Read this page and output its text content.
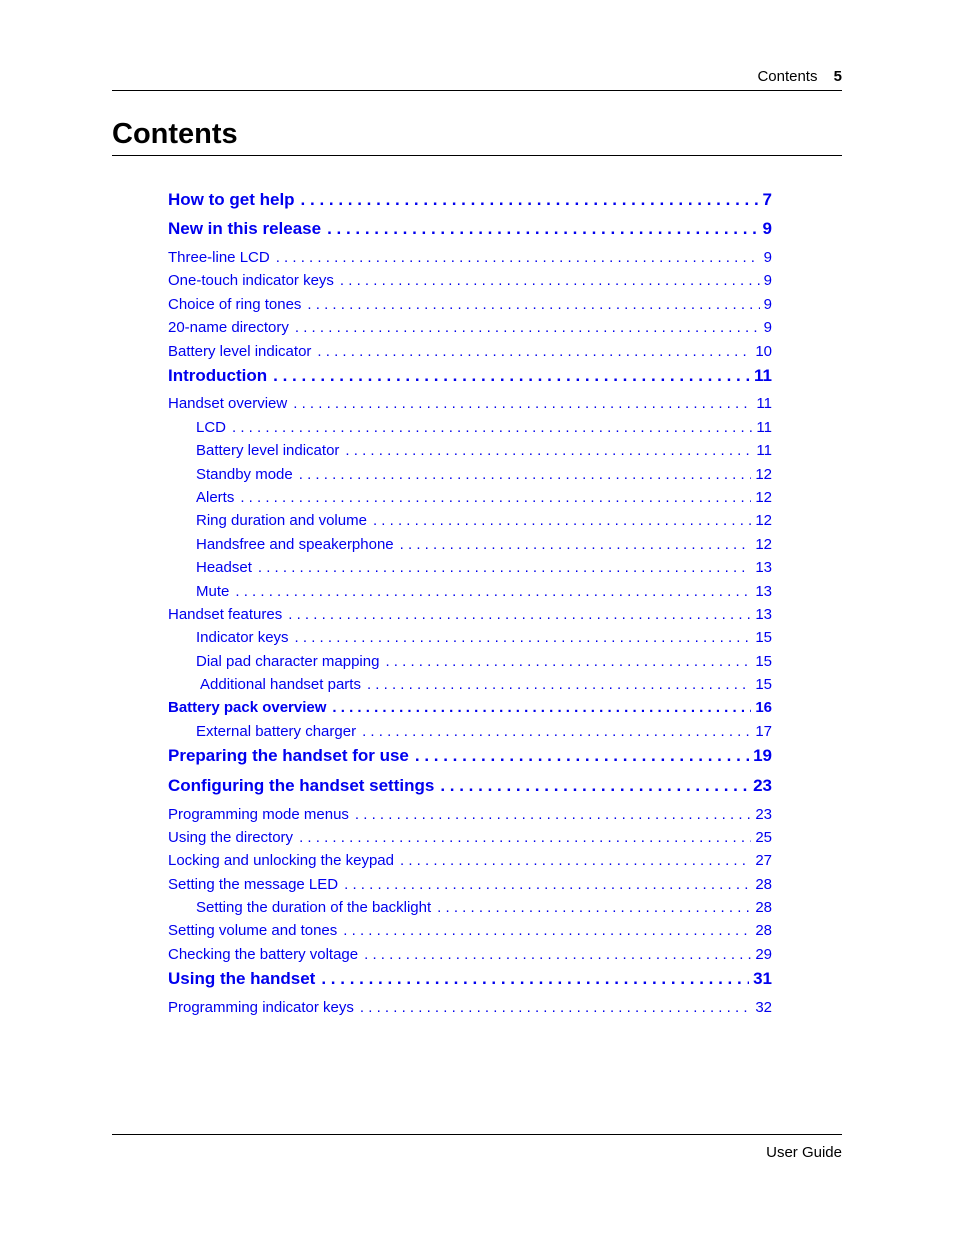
Contents 5
Contents
How to get help . . .	7
New in this release . . .	9
Three-line LCD . . .	9
One-touch indicator keys . . .	9
Choice of ring tones . . .	9
20-name directory . . .	9
Battery level indicator . . .	10
Introduction . . .	11
Handset overview . . .	11
LCD . . .	11
Battery level indicator . . .	11
Standby mode . . .	12
Alerts . . .	12
Ring duration and volume . . .	12
Handsfree and speakerphone . . .	12
Headset . . .	13
Mute . . .	13
Handset features . . .	13
Indicator keys . . .	15
Dial pad character mapping . . .	15
Additional handset parts . . .	15
Battery pack overview . . .	16
External battery charger . . .	17
Preparing the handset for use . . .	19
Configuring the handset settings . . .	23
Programming mode menus . . .	23
Using the directory . . .	25
Locking and unlocking the keypad . . .	27
Setting the message LED . . .	28
Setting the duration of the backlight . . .	28
Setting volume and tones . . .	28
Checking the battery voltage . . .	29
Using the handset . . .	31
Programming indicator keys . . .	32
User Guide
